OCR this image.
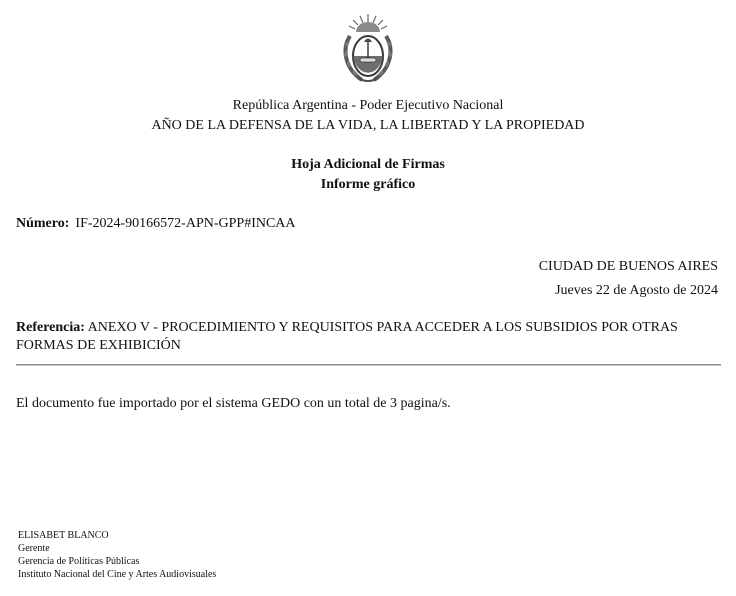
República Argentina - Poder Ejecutivo Nacional
AÑO DE LA DEFENSA DE LA VIDA, LA LIBERTAD Y LA PROPIEDAD
Hoja Adicional de Firmas
Informe gráfico
Número: IF-2024-90166572-APN-GPP#INCAA
CIUDAD DE BUENOS AIRES
Jueves 22 de Agosto de 2024
Referencia: ANEXO V - PROCEDIMIENTO Y REQUISITOS PARA ACCEDER A LOS SUBSIDIOS POR OTRAS FORMAS DE EXHIBICIÓN
El documento fue importado por el sistema GEDO con un total de 3 pagina/s.
ELISABET BLANCO
Gerente
Gerencia de Políticas Públicas
Instituto Nacional del Cine y Artes Audiovisuales
